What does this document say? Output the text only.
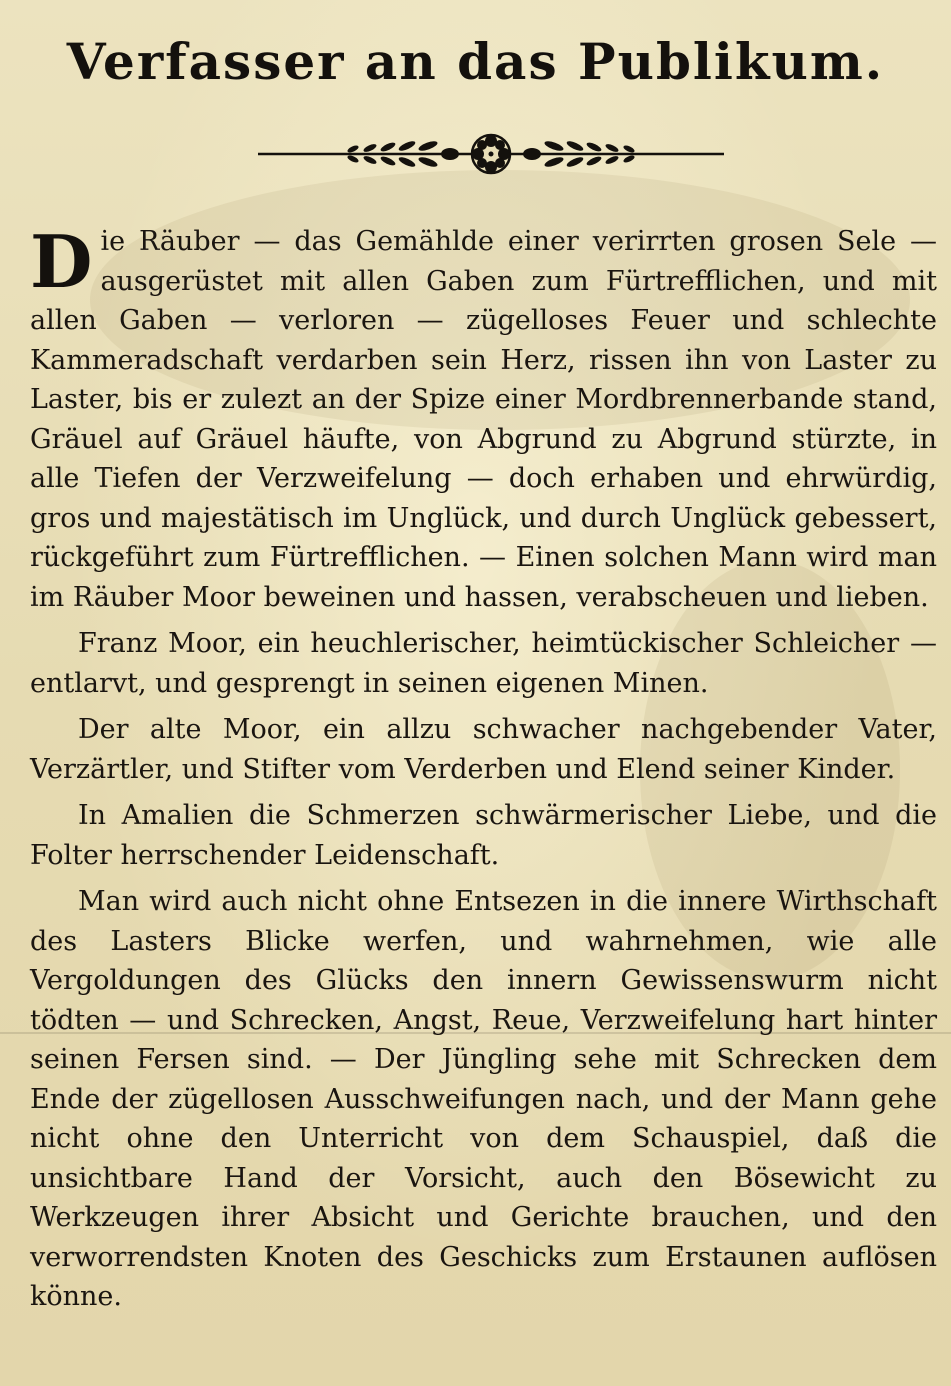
Verfasser an das Publikum.

Die Räuber — das Gemählde einer verirrten grosen Sele — ausgerüstet mit allen Gaben zum Fürtrefflichen, und mit allen Gaben — verloren — zügelloses Feuer und schlechte Kammeradschaft verdarben sein Herz, rissen ihn von Laster zu Laster, bis er zulezt an der Spize einer Mordbrennerbande stand, Gräuel auf Gräuel häufte, von Abgrund zu Abgrund stürzte, in alle Tiefen der Verzweifelung — doch erhaben und ehrwürdig, gros und majestätisch im Unglück, und durch Unglück gebessert, rückgeführt zum Fürtrefflichen. — Einen solchen Mann wird man im Räuber Moor beweinen und hassen, verabscheuen und lieben.

Franz Moor, ein heuchlerischer, heimtückischer Schleicher — entlarvt, und gesprengt in seinen eigenen Minen.

Der alte Moor, ein allzu schwacher nachgebender Vater, Verzärtler, und Stifter vom Verderben und Elend seiner Kinder.

In Amalien die Schmerzen schwärmerischer Liebe, und die Folter herrschender Leidenschaft.

Man wird auch nicht ohne Entsezen in die innere Wirthschaft des Lasters Blicke werfen, und wahrnehmen, wie alle Vergoldungen des Glücks den innern Gewissenswurm nicht tödten — und Schrecken, Angst, Reue, Verzweifelung hart hinter seinen Fersen sind. — Der Jüngling sehe mit Schrecken dem Ende der zügellosen Ausschweifungen nach, und der Mann gehe nicht ohne den Unterricht von dem Schauspiel, daß die unsichtbare Hand der Vorsicht, auch den Bösewicht zu Werkzeugen ihrer Absicht und Gerichte brauchen, und den verworrendsten Knoten des Geschicks zum Erstaunen auflösen könne.
